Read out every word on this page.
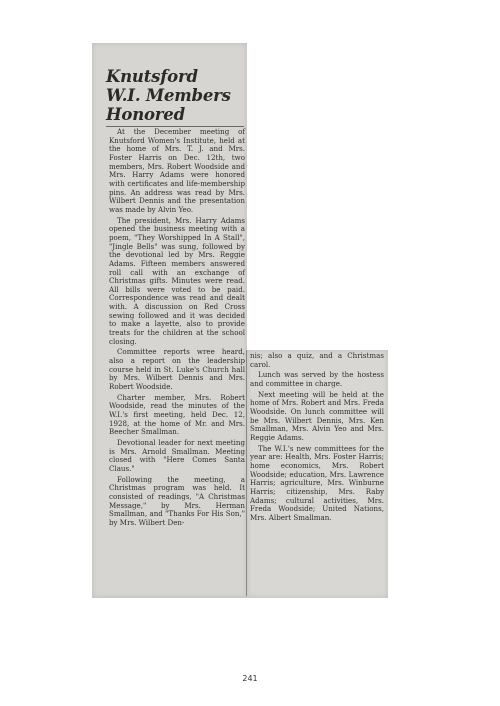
Knutsford
W.I. Members
Honored

At the December meeting of Knutsford Women's Institute, held at the home of Mrs. T. J. and Mrs. Foster Harris on Dec. 12th, two members, Mrs. Robert Woodside and Mrs. Harry Adams were honored with certificates and life-membership pins. An address was read by Mrs. Wilbert Dennis and the presentation was made by Alvin Yeo.

The president, Mrs. Harry Adams opened the business meeting with a poem, "They Worshipped In A Stall", "Jingle Bells" was sung, followed by the devotional led by Mrs. Reggie Adams. Fifteen members answered roll call with an exchange of Christmas gifts. Minutes were read. All bills were voted to be paid. Correspondence was read and dealt with. A discussion on Red Cross sewing followed and it was decided to make a layette, also to provide treats for the children at the school closing.

Committee reports wree heard, also a report on the leadership course held in St. Luke's Church hall by Mrs. Wilbert Dennis and Mrs. Robert Woodside.

Charter member, Mrs. Robert Woodside, read the minutes of the W.I.'s first meeting, held Dec. 12, 1928, at the home of Mr. and Mrs. Beecher Smallman.

Devotional leader for next meeting is Mrs. Arnold Smallman. Meeting closed with "Here Comes Santa Claus."

Following the meeting, a Christmas program was held. It consisted of readings, "A Christmas Message," by Mrs. Herman Smallman, and "Thanks For His Son," by Mrs. Wilbert Den-

nis; also a quiz, and a Christmas carol.

Lunch was served by the hostess and committee in charge.

Next meeting will be held at the home of Mrs. Robert and Mrs. Freda Woodside. On lunch committee will be Mrs. Wilbert Dennis, Mrs. Ken Smallman, Mrs. Alvin Yeo and Mrs. Reggie Adams.

The W.I.'s new committees for the year are: Health, Mrs. Foster Harris; home economics, Mrs. Robert Woodside; education, Mrs. Lawrence Harris; agriculture, Mrs. Winburne Harris; citizenship, Mrs. Raby Adams; cultural activities, Mrs. Freda Woodside; United Nations, Mrs. Albert Smallman.

241
